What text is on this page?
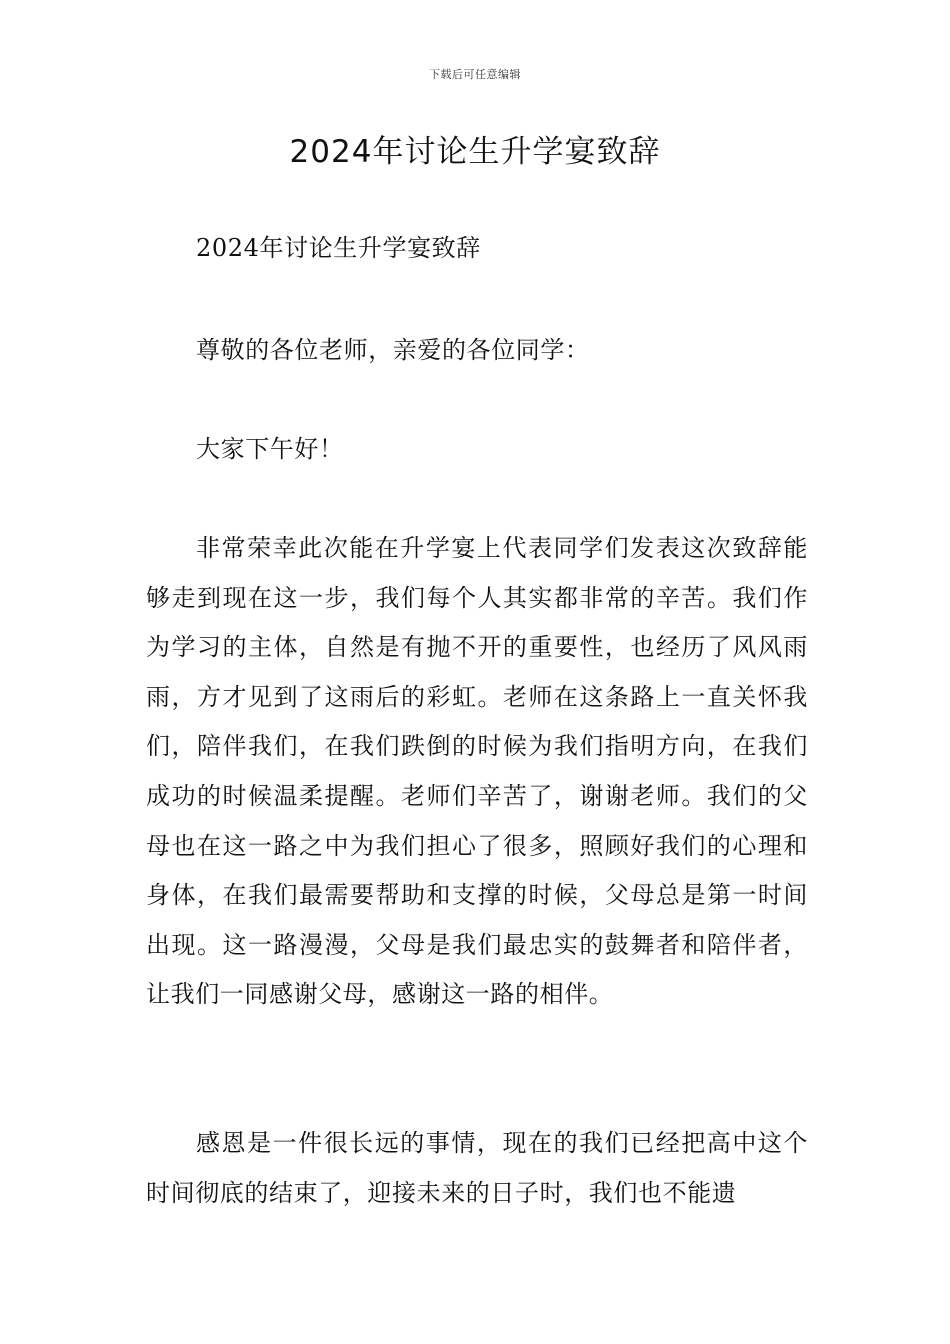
下载后可任意编辑
2024年讨论生升学宴致辞

2024年讨论生升学宴致辞

尊敬的各位老师，亲爱的各位同学：

大家下午好！

非常荣幸此次能在升学宴上代表同学们发表这次致辞能够走到现在这一步，我们每个人其实都非常的辛苦。我们作为学习的主体，自然是有抛不开的重要性，也经历了风风雨雨，方才见到了这雨后的彩虹。老师在这条路上一直关怀我们，陪伴我们，在我们跌倒的时候为我们指明方向，在我们成功的时候温柔提醒。老师们辛苦了，谢谢老师。我们的父母也在这一路之中为我们担心了很多，照顾好我们的心理和身体，在我们最需要帮助和支撑的时候，父母总是第一时间出现。这一路漫漫，父母是我们最忠实的鼓舞者和陪伴者，让我们一同感谢父母，感谢这一路的相伴。

感恩是一件很长远的事情，现在的我们已经把高中这个时间彻底的结束了，迎接未来的日子时，我们也不能遗
